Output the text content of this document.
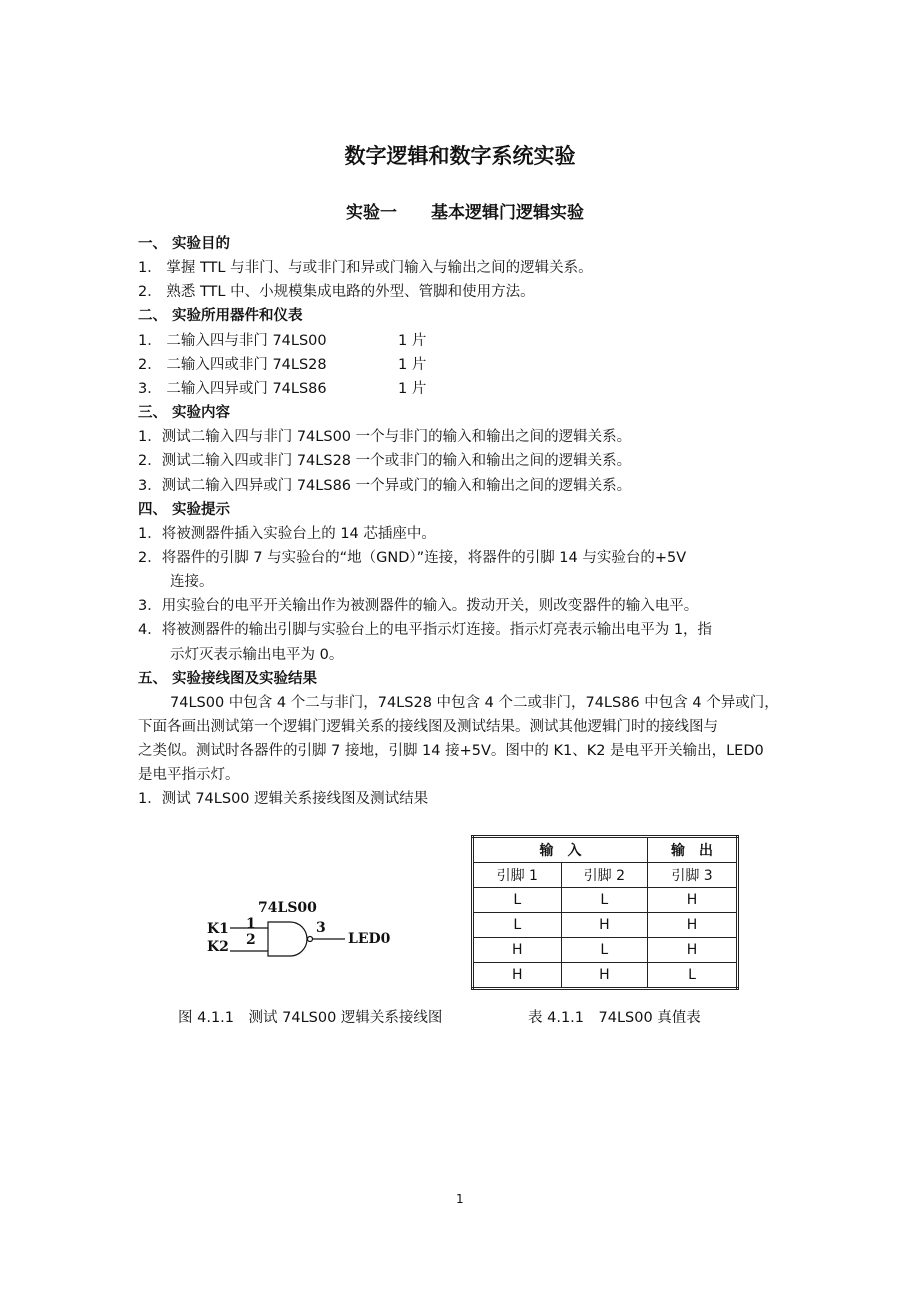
数字逻辑和数字系统实验
实验一 基本逻辑门逻辑实验
一、 实验目的
1． 掌握 TTL 与非门、与或非门和异或门输入与输出之间的逻辑关系。
2． 熟悉 TTL 中、小规模集成电路的外型、管脚和使用方法。
二、 实验所用器件和仪表
1． 二输入四与非门 74LS00	1 片
2． 二输入四或非门 74LS28	1 片
3． 二输入四异或门 74LS86	1 片
三、 实验内容
1．测试二输入四与非门 74LS00 一个与非门的输入和输出之间的逻辑关系。
2．测试二输入四或非门 74LS28 一个或非门的输入和输出之间的逻辑关系。
3．测试二输入四异或门 74LS86 一个异或门的输入和输出之间的逻辑关系。
四、 实验提示
1．将被测器件插入实验台上的 14 芯插座中。
2．将器件的引脚 7 与实验台的“地（GND）”连接，将器件的引脚 14 与实验台的+5V
连接。
3．用实验台的电平开关输出作为被测器件的输入。拨动开关，则改变器件的输入电平。
4．将被测器件的输出引脚与实验台上的电平指示灯连接。指示灯亮表示输出电平为 1，指
示灯灭表示输出电平为 0。
五、 实验接线图及实验结果
74LS00 中包含 4 个二与非门，74LS28 中包含 4 个二或非门，74LS86 中包含 4 个异或门，
下面各画出测试第一个逻辑门逻辑关系的接线图及测试结果。测试其他逻辑门时的接线图与
之类似。测试时各器件的引脚 7 接地，引脚 14 接+5V。图中的 K1、K2 是电平开关输出，LED0
是电平指示灯。
1．测试 74LS00 逻辑关系接线图及测试结果
74LS00
K1
K2
1
2
3
LED0
输　入		输　出
引脚 1	引脚 2	引脚 3
L	L	H
L	H	H
H	L	H
H	H	L
图 4.1.1　测试 74LS00 逻辑关系接线图	表 4.1.1　74LS00 真值表
1
